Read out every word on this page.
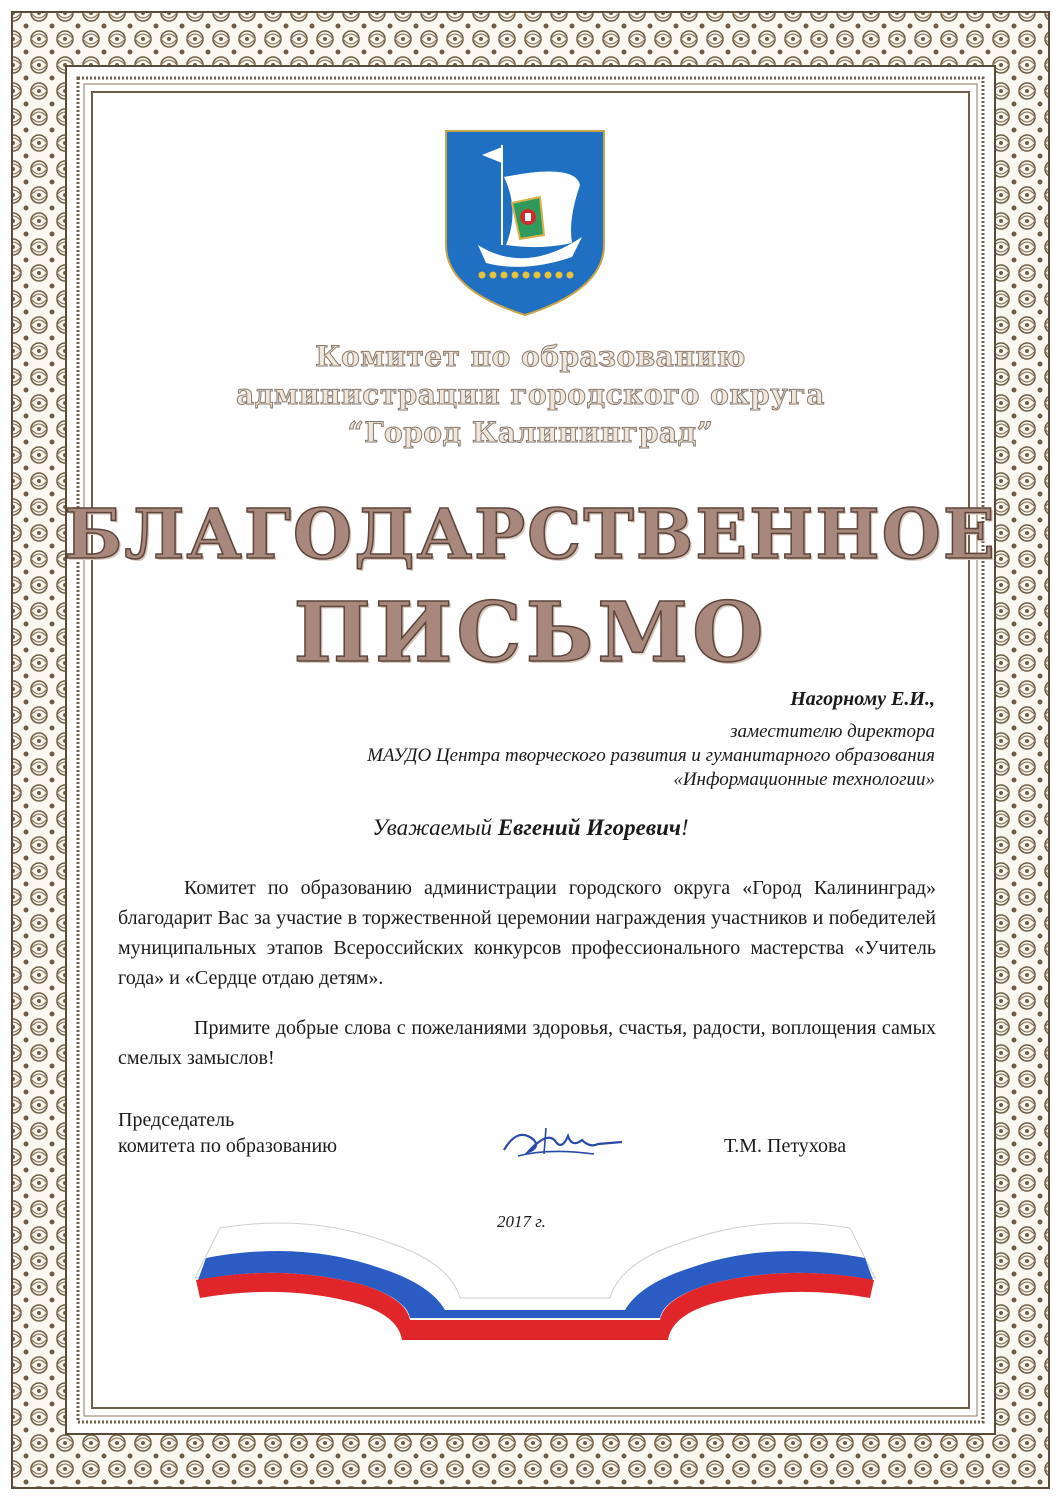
Комитет по образованию
администрации городского округа
“Город Калининград”
БЛАГОДАРСТВЕННОЕ
ПИСЬМО
Нагорному Е.И.,
заместителю директора
МАУДО Центра творческого развития и гуманитарного образования
«Информационные технологии»
Уважаемый Евгений Игоревич!
Комитет по образованию администрации городского округа «Город Калининград» благодарит Вас за участие в торжественной церемонии награждения участников и победителей муниципальных этапов Всероссийских конкурсов профессионального мастерства «Учитель года» и «Сердце отдаю детям».
Примите добрые слова с пожеланиями здоровья, счастья, радости, воплощения самых смелых замыслов!
Председатель
комитета по образованию	Т.М. Петухова
2017 г.
